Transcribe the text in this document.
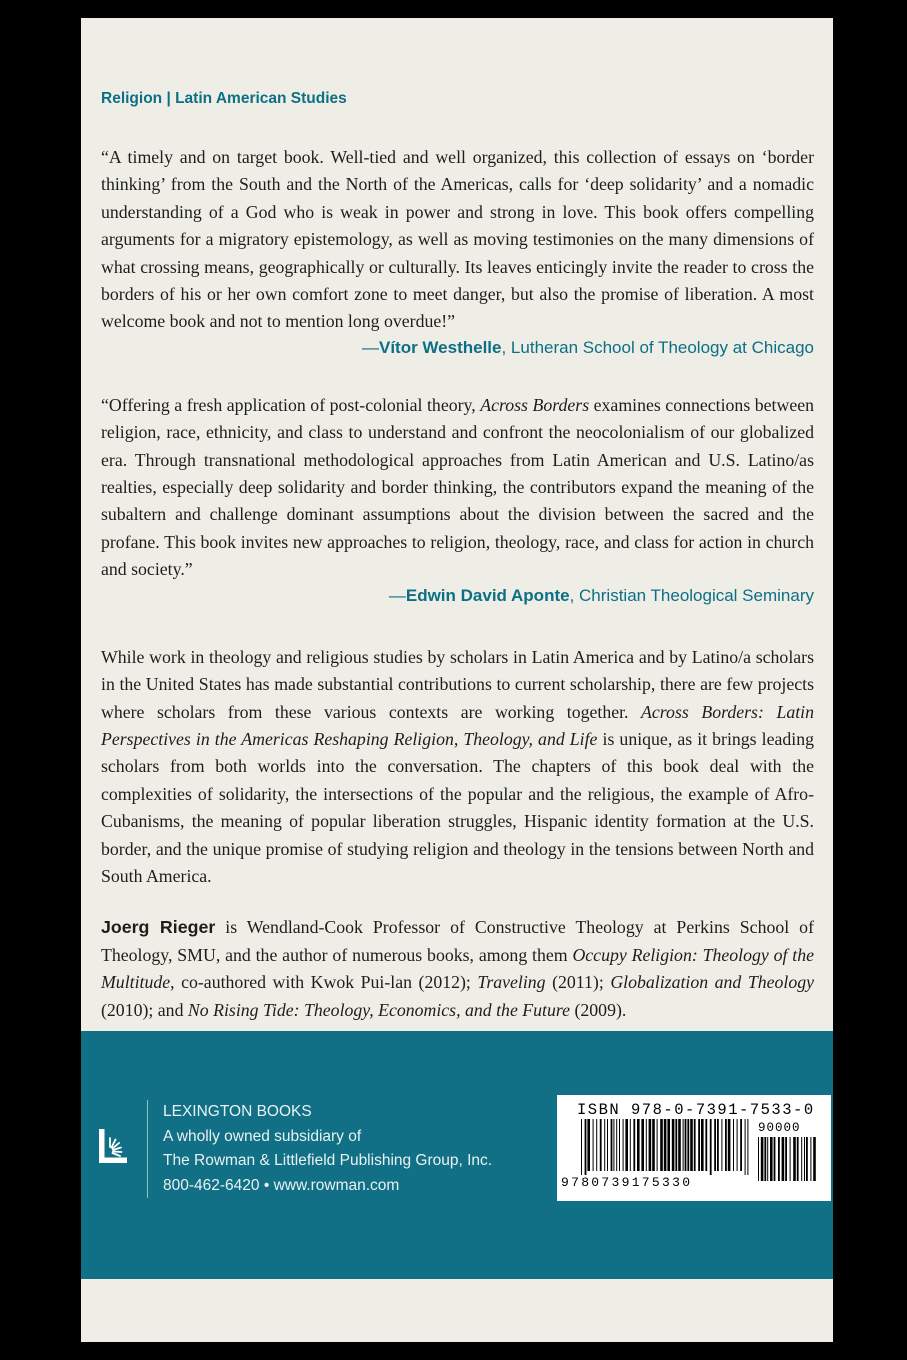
Religion | Latin American Studies

“A timely and on target book. Well-tied and well organized, this collection of essays on ‘border thinking’ from the South and the North of the Americas, calls for ‘deep solidarity’ and a nomadic understanding of a God who is weak in power and strong in love. This book offers compelling arguments for a migratory epistemology, as well as moving testimonies on the many dimensions of what crossing means, geographically or culturally. Its leaves enticingly invite the reader to cross the borders of his or her own comfort zone to meet danger, but also the promise of liberation. A most welcome book and not to mention long overdue!”

—Vítor Westhelle, Lutheran School of Theology at Chicago

“Offering a fresh application of post-colonial theory, Across Borders examines connections between religion, race, ethnicity, and class to understand and confront the neocolonialism of our globalized era. Through transnational methodological approaches from Latin American and U.S. Latino/as realties, especially deep solidarity and border thinking, the contributors expand the meaning of the subaltern and challenge dominant assumptions about the division between the sacred and the profane. This book invites new approaches to religion, theology, race, and class for action in church and society.”

—Edwin David Aponte, Christian Theological Seminary

While work in theology and religious studies by scholars in Latin America and by Latino/a scholars in the United States has made substantial contributions to current scholarship, there are few projects where scholars from these various contexts are working together. Across Borders: Latin Perspectives in the Americas Reshaping Religion, Theology, and Life is unique, as it brings leading scholars from both worlds into the conversation. The chapters of this book deal with the complexities of solidarity, the intersections of the popular and the religious, the example of Afro-Cubanisms, the meaning of popular liberation struggles, Hispanic identity formation at the U.S. border, and the unique promise of studying religion and theology in the tensions between North and South America.

Joerg Rieger is Wendland-Cook Professor of Constructive Theology at Perkins School of Theology, SMU, and the author of numerous books, among them Occupy Religion: Theology of the Multitude, co-authored with Kwok Pui-lan (2012); Traveling (2011); Globalization and Theology (2010); and No Rising Tide: Theology, Economics, and the Future (2009).

LEXINGTON BOOKS
A wholly owned subsidiary of
The Rowman & Littlefield Publishing Group, Inc.
800-462-6420 • www.rowman.com
ISBN 978-0-7391-7533-0
90000
9780739175330
